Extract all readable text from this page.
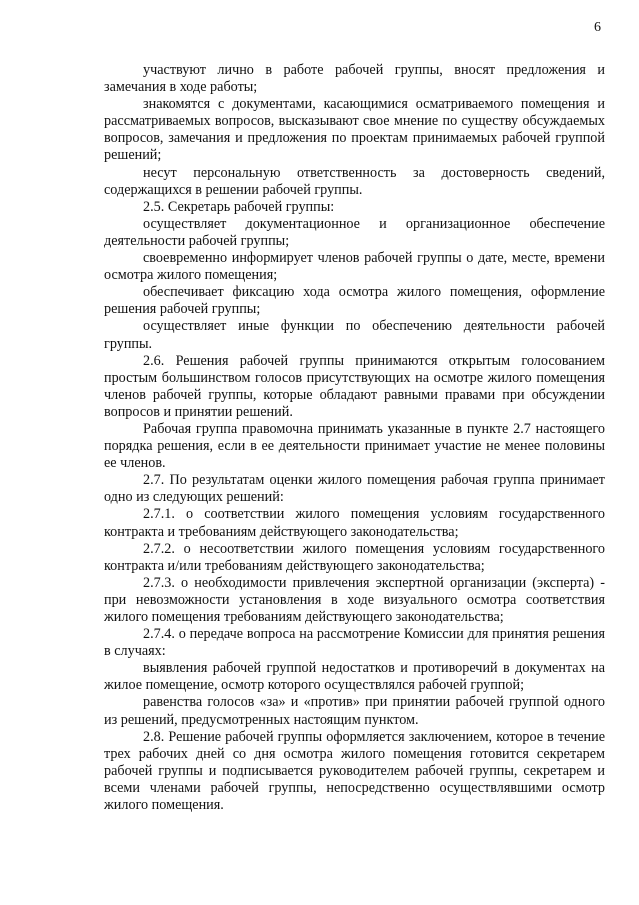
6

участвуют лично в работе рабочей группы, вносят предложения и замечания в ходе работы;

знакомятся с документами, касающимися осматриваемого помещения и рассматриваемых вопросов, высказывают свое мнение по существу обсуждаемых вопросов, замечания и предложения по проектам принимаемых рабочей группой решений;

несут персональную ответственность за достоверность сведений, содержащихся в решении рабочей группы.

2.5. Секретарь рабочей группы:

осуществляет документационное и организационное обеспечение деятельности рабочей группы;

своевременно информирует членов рабочей группы о дате, месте, времени осмотра жилого помещения;

обеспечивает фиксацию хода осмотра жилого помещения, оформление решения рабочей группы;

осуществляет иные функции по обеспечению деятельности рабочей группы.

2.6. Решения рабочей группы принимаются открытым голосованием простым большинством голосов присутствующих на осмотре жилого помещения членов рабочей группы, которые обладают равными правами при обсуждении вопросов и принятии решений.

Рабочая группа правомочна принимать указанные в пункте 2.7 настоящего порядка решения, если в ее деятельности принимает участие не менее половины ее членов.

2.7. По результатам оценки жилого помещения рабочая группа принимает одно из следующих решений:

2.7.1. о соответствии жилого помещения условиям государственного контракта и требованиям действующего законодательства;

2.7.2. о несоответствии жилого помещения условиям государственного контракта и/или требованиям действующего законодательства;

2.7.3. о необходимости привлечения экспертной организации (эксперта) - при невозможности установления в ходе визуального осмотра соответствия жилого помещения требованиям действующего законодательства;

2.7.4. о передаче вопроса на рассмотрение Комиссии для принятия решения в случаях:

выявления рабочей группой недостатков и противоречий в документах на жилое помещение, осмотр которого осуществлялся рабочей группой;

равенства голосов «за» и «против» при принятии рабочей группой одного из решений, предусмотренных настоящим пунктом.

2.8. Решение рабочей группы оформляется заключением, которое в течение трех рабочих дней со дня осмотра жилого помещения готовится секретарем рабочей группы и подписывается руководителем рабочей группы, секретарем и всеми членами рабочей группы, непосредственно осуществлявшими осмотр жилого помещения.
